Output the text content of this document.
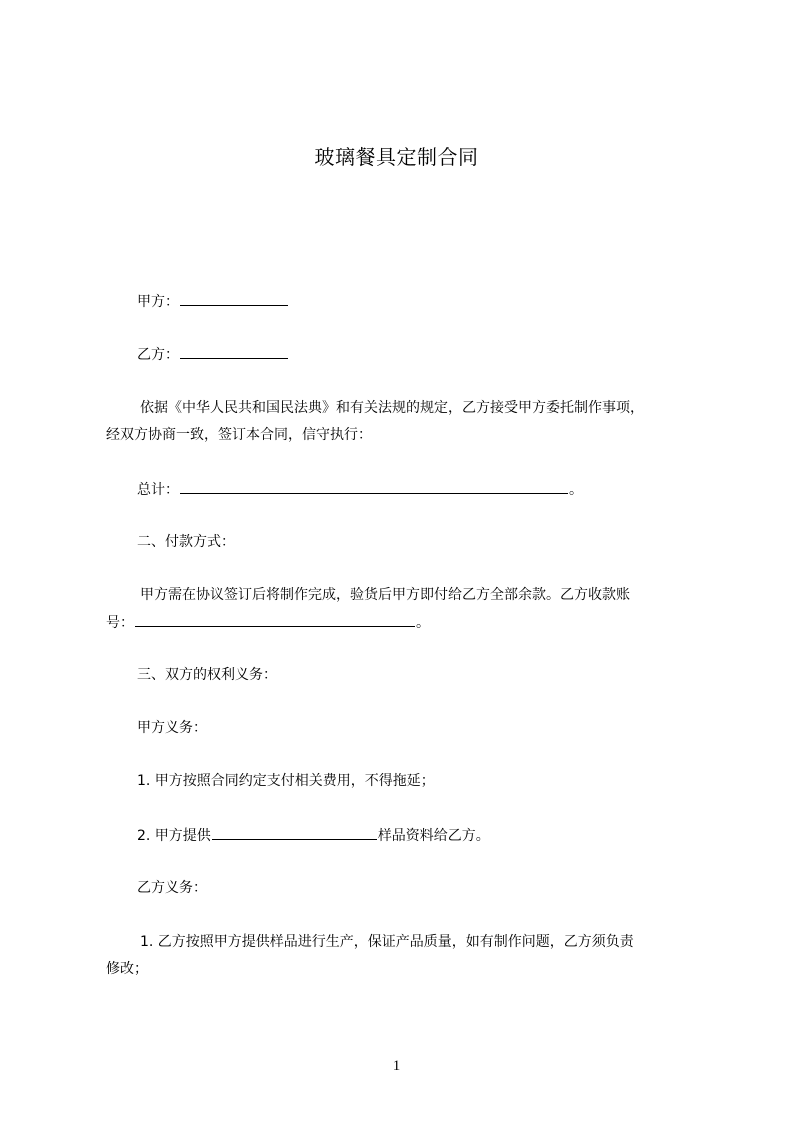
玻璃餐具定制合同
甲方：
乙方：
依据《中华人民共和国民法典》和有关法规的规定，乙方接受甲方委托制作事项，
经双方协商一致，签订本合同，信守执行：
总计：	。
二、付款方式：
甲方需在协议签订后将制作完成，验货后甲方即付给乙方全部余款。乙方收款账
号：	。
三、双方的权利义务：
甲方义务：
1. 甲方按照合同约定支付相关费用，不得拖延；
2. 甲方提供	样品资料给乙方。
乙方义务：
1. 乙方按照甲方提供样品进行生产，保证产品质量，如有制作问题，乙方须负责
修改；
1
